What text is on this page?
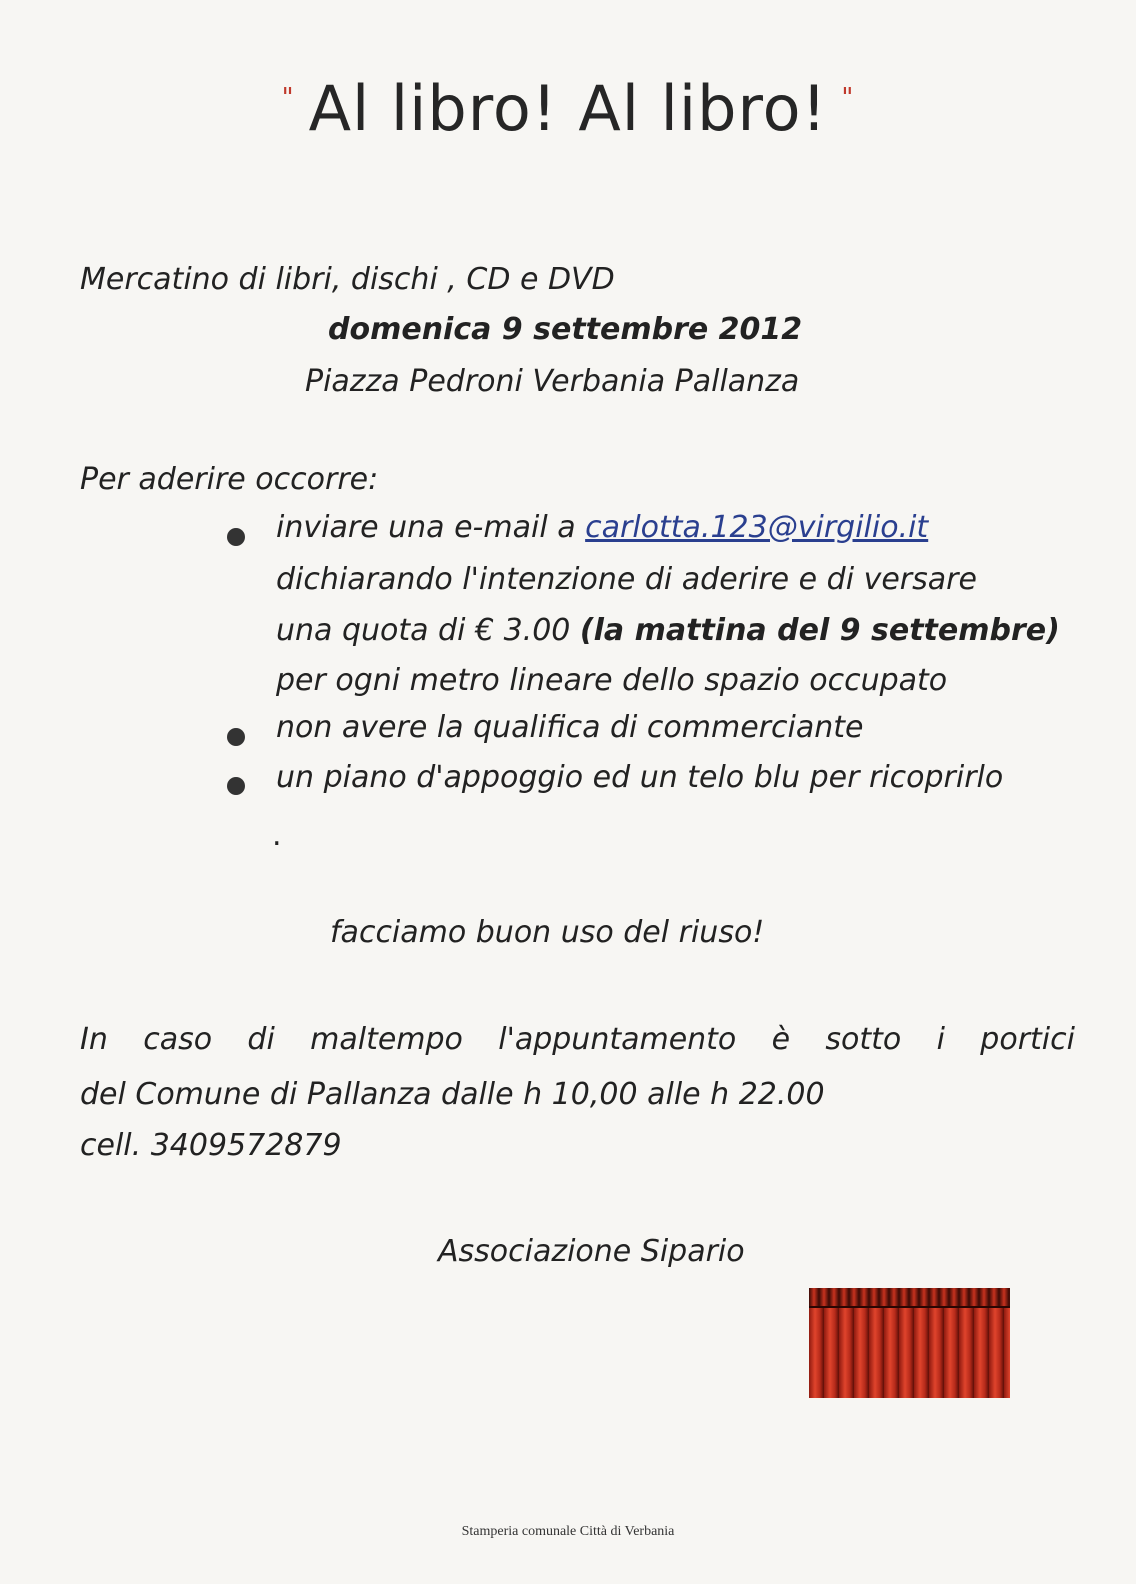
" Al libro! Al libro! "
Mercatino di libri, dischi , CD e DVD
domenica 9 settembre 2012
Piazza Pedroni Verbania Pallanza
Per aderire occorre:
inviare una e-mail a carlotta.123@virgilio.it
dichiarando l'intenzione di aderire e di versare
una quota di € 3.00 (la mattina del 9 settembre)
per ogni metro lineare dello spazio occupato
non avere la qualifica di commerciante
un piano d'appoggio ed un telo blu per ricoprirlo
.
facciamo buon uso del riuso!
In caso di maltempo l'appuntamento è sotto i portici
del Comune di Pallanza dalle h 10,00 alle h 22.00
cell. 3409572879
Associazione Sipario
Stamperia comunale Città di Verbania
